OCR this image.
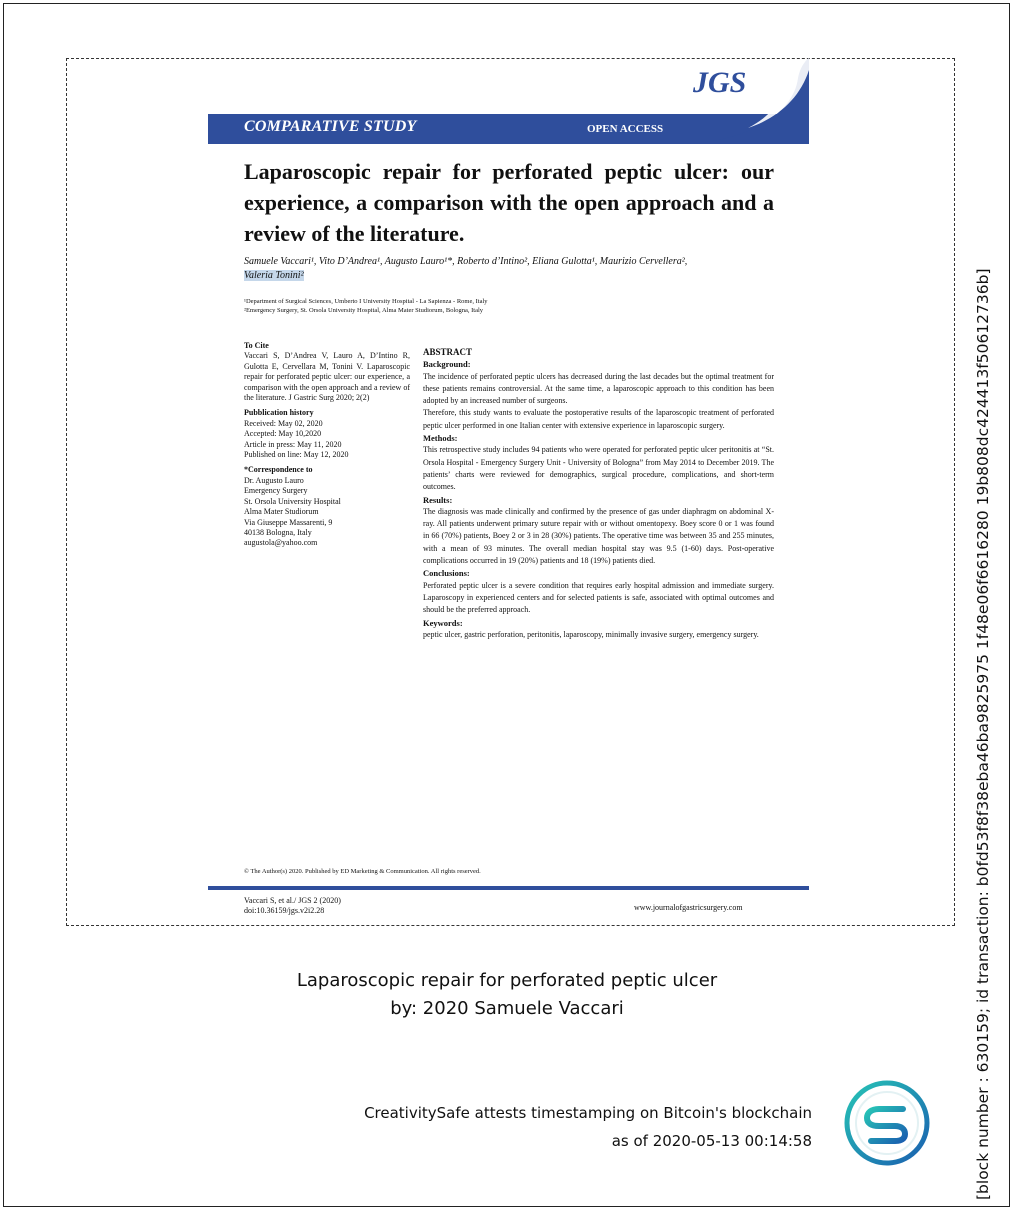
COMPARATIVE STUDY	OPEN ACCESS
JGS
Laparoscopic repair for perforated peptic ulcer: our experience, a comparison with the open approach and a review of the literature.
Samuele Vaccari¹, Vito D’Andrea¹, Augusto Lauro¹*, Roberto d’Intino², Eliana Gulotta¹, Maurizio Cervellera²,
Valeria Tonini²
¹Department of Surgical Sciences, Umberto I University Hospital - La Sapienza - Rome, Italy
²Emergency Surgery, St. Orsola University Hospital, Alma Mater Studiorum, Bologna, Italy
To Cite

Vaccari S, D’Andrea V, Lauro A, D’Intino R, Gulotta E, Cervellara M, Tonini V. Laparoscopic repair for perforated peptic ulcer: our experience, a comparison with the open approach and a review of the literature. J Gastric Surg 2020; 2(2)

Pubblication history

Received: May 02, 2020

Accepted: May 10,2020

Article in press: May 11, 2020

Published on line: May 12, 2020

*Correspondence to

Dr. Augusto Lauro

Emergency Surgery

St. Orsola University Hospital

Alma Mater Studiorum

Via Giuseppe Massarenti, 9

40138 Bologna, Italy

augustola@yahoo.com

ABSTRACT
Background:

The incidence of perforated peptic ulcers has decreased during the last decades but the optimal treatment for these patients remains controversial. At the same time, a laparoscopic approach to this condition has been adopted by an increased number of surgeons.

Therefore, this study wants to evaluate the postoperative results of the laparoscopic treatment of perforated peptic ulcer performed in one Italian center with extensive experience in laparoscopic surgery.

Methods:

This retrospective study includes 94 patients who were operated for perforated peptic ulcer peritonitis at “St. Orsola Hospital - Emergency Surgery Unit - University of Bologna” from May 2014 to December 2019. The patients’ charts were reviewed for demographics, surgical procedure, complications, and short-term outcomes.

Results:

The diagnosis was made clinically and confirmed by the presence of gas under diaphragm on abdominal X-ray. All patients underwent primary suture repair with or without omentopexy. Boey score 0 or 1 was found in 66 (70%) patients, Boey 2 or 3 in 28 (30%) patients. The operative time was between 35 and 255 minutes, with a mean of 93 minutes. The overall median hospital stay was 9.5 (1-60) days. Post-operative complications occurred in 19 (20%) patients and 18 (19%) patients died.

Conclusions:

Perforated peptic ulcer is a severe condition that requires early hospital admission and immediate surgery. Laparoscopy in experienced centers and for selected patients is safe, associated with optimal outcomes and should be the preferred approach.

Keywords:

peptic ulcer, gastric perforation, peritonitis, laparoscopy, minimally invasive surgery, emergency surgery.

© The Author(s) 2020. Published by ED Marketing & Communication. All rights reserved.
Vaccari S, et al./ JGS 2 (2020)
doi:10.36159/jgs.v2i2.28	www.journalofgastricsurgery.com
Laparoscopic repair for perforated peptic ulcer
by: 2020 Samuele Vaccari
CreativitySafe attests timestamping on Bitcoin's blockchain
as of 2020-05-13 00:14:58	[block number : 630159; id transaction: b0fd53f8f38eba46ba9825975 1f48e06f6616280 19b808dc424413f50612736b]
